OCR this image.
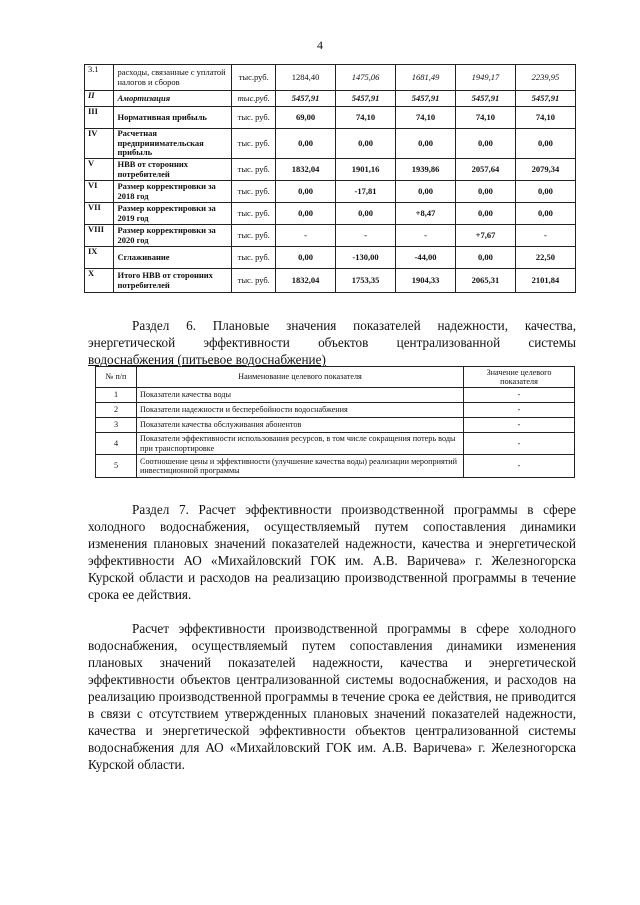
4
3.1	расходы, связанные с уплатой налогов и сборов	тыс.руб.	1284,40	1475,06	1681,49	1949,17	2239,95
II	Амортизация	тыс.руб.	5457,91	5457,91	5457,91	5457,91	5457,91
III	Нормативная прибыль	тыс. руб.	69,00	74,10	74,10	74,10	74,10
IV	Расчетная предпринимательская прибыль	тыс. руб.	0,00	0,00	0,00	0,00	0,00
V	НВВ от сторонних потребителей	тыс. руб.	1832,04	1901,16	1939,86	2057,64	2079,34
VI	Размер корректировки за 2018 год	тыс. руб.	0,00	-17,81	0,00	0,00	0,00
VII	Размер корректировки за 2019 год	тыс. руб.	0,00	0,00	+8,47	0,00	0,00
VIII	Размер корректировки за 2020 год	тыс. руб.	-	-	-	+7,67	-
IX	Сглаживание	тыс. руб.	0,00	-130,00	-44,00	0,00	22,50
X	Итого НВВ от сторонних потребителей	тыс. руб.	1832,04	1753,35	1904,33	2065,31	2101,84
Раздел 6. Плановые значения показателей надежности, качества,
энергетической эффективности объектов централизованной системы
водоснабжения (питьевое водоснабжение)
№ п/п	Наименование целевого показателя	Значение целевого показателя
1	Показатели качества воды	-
2	Показатели надежности и бесперебойности водоснабжения	-
3	Показатели качества обслуживания абонентов	-
4	Показатели эффективности использования ресурсов, в том числе сокращения потерь воды при транспортировке	-
5	Соотношение цены и эффективности (улучшение качества воды) реализации мероприятий инвестиционной программы	-
Раздел 7. Расчет эффективности производственной программы в сфере холодного водоснабжения, осуществляемый путем сопоставления динамики изменения плановых значений показателей надежности, качества и энергетической эффективности АО «Михайловский ГОК им. А.В. Варичева» г. Железногорска Курской области и расходов на реализацию производственной программы в течение срока ее действия.
Расчет эффективности производственной программы в сфере холодного водоснабжения, осуществляемый путем сопоставления динамики изменения плановых значений показателей надежности, качества и энергетической эффективности объектов централизованной системы водоснабжения, и расходов на реализацию производственной программы в течение срока ее действия, не приводится в связи с отсутствием утвержденных плановых значений показателей надежности, качества и энергетической эффективности объектов централизованной системы водоснабжения для АО «Михайловский ГОК им. А.В. Варичева» г. Железногорска Курской области.
